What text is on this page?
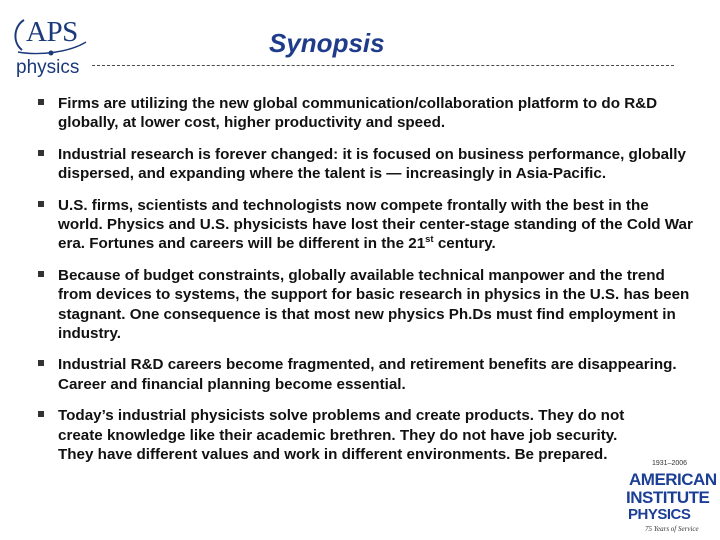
APS
physics
Synopsis
Firms are utilizing the new global communication/collaboration platform to do R&D globally, at lower cost, higher productivity and speed.
Industrial research is forever changed: it is focused on business performance, globally dispersed, and expanding where the talent is — increasingly in Asia-Pacific.
U.S. firms, scientists and technologists now compete frontally with the best in the world. Physics and U.S. physicists have lost their center-stage standing of the Cold War era. Fortunes and careers will be different in the 21st century.
Because of budget constraints, globally available technical manpower and the trend from devices to systems, the support for basic research in physics in the U.S. has been stagnant. One consequence is that most new physics Ph.Ds must find employment in industry.
Industrial R&D careers become fragmented, and retirement benefits are disappearing. Career and financial planning become essential.
Today’s industrial physicists solve problems and create products. They do not create knowledge like their academic brethren. They do not have job security. They have different values and work in different environments. Be prepared.
1931–2006
AMERICAN
INSTITUTE
PHYSICS
75 Years of Service
